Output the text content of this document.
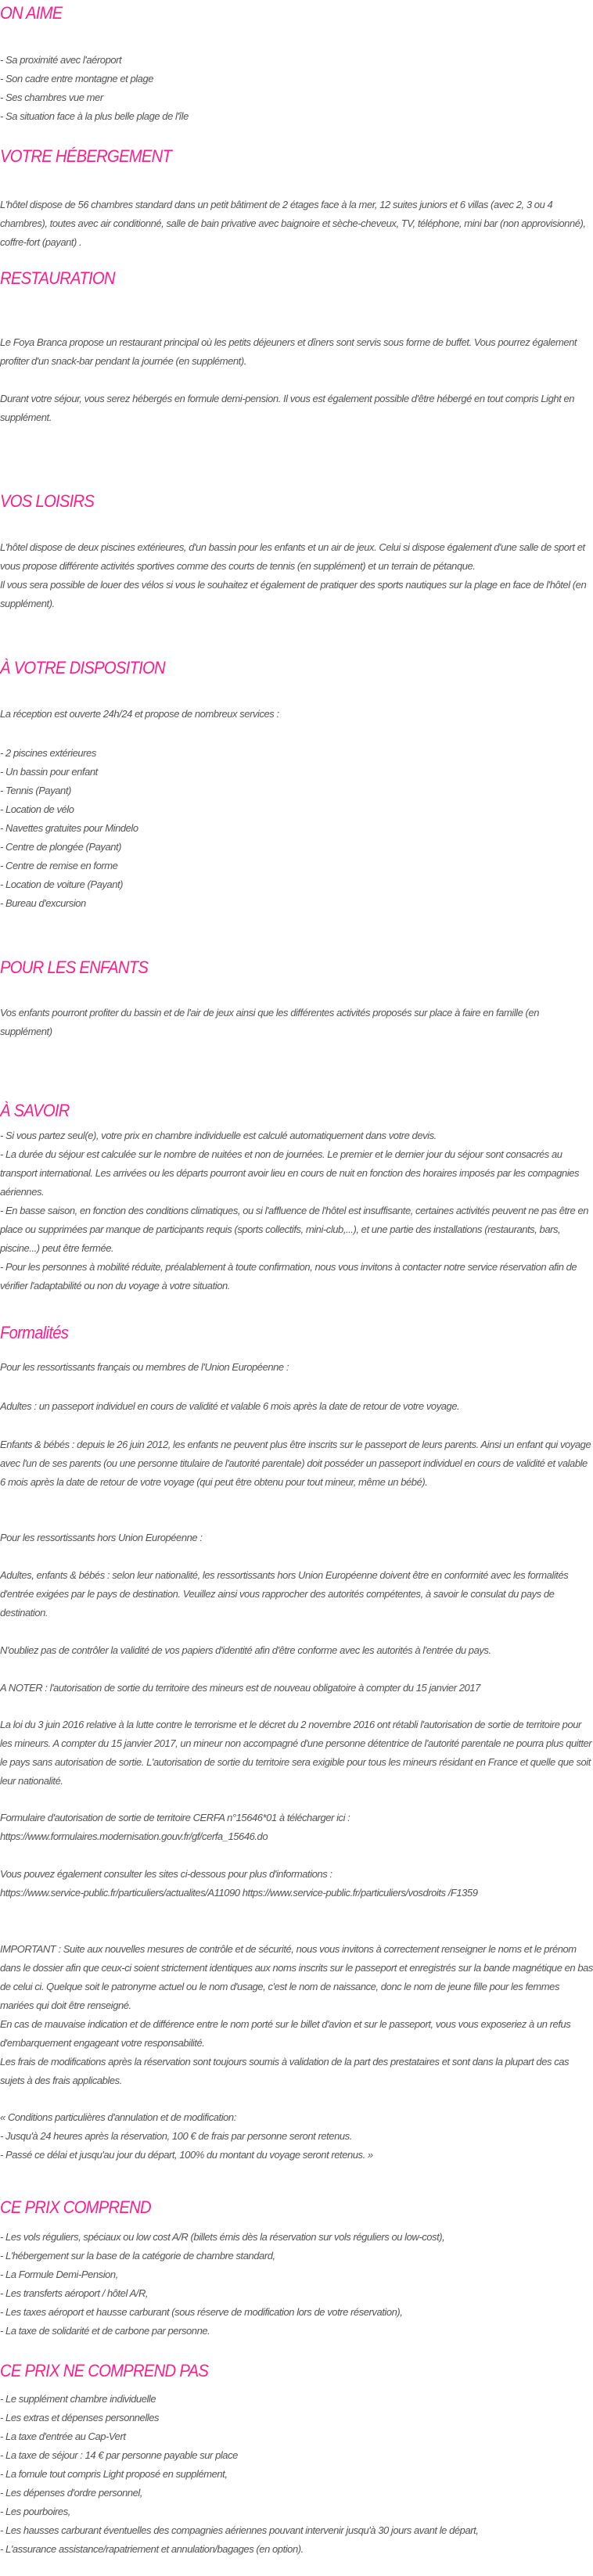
ON AIME
- Sa proximité avec l'aéroport
- Son cadre entre montagne et plage
- Ses chambres vue mer
- Sa situation face à la plus belle plage de l'île
VOTRE HÉBERGEMENT

L'hôtel dispose de 56 chambres standard dans un petit bâtiment de 2 étages face à la mer, 12 suites juniors et 6 villas (avec 2, 3 ou 4 chambres), toutes avec air conditionné, salle de bain privative avec baignoire et sèche-cheveux, TV, téléphone, mini bar (non approvisionné), coffre-fort (payant) .

RESTAURATION

Le Foya Branca propose un restaurant principal où les petits déjeuners et dîners sont servis sous forme de buffet. Vous pourrez également profiter d'un snack-bar pendant la journée (en supplément).

Durant votre séjour, vous serez hébergés en formule demi-pension. Il vous est également possible d'être hébergé en tout compris Light en supplément.

VOS LOISIRS

L'hôtel dispose de deux piscines extérieures, d'un bassin pour les enfants et un air de jeux. Celui si dispose également d'une salle de sport et vous propose différente activités sportives comme des courts de tennis (en supplément) et un terrain de pétanque.

Il vous sera possible de louer des vélos si vous le souhaitez et également de pratiquer des sports nautiques sur la plage en face de l'hôtel (en supplément).

À VOTRE DISPOSITION

La réception est ouverte 24h/24 et propose de nombreux services :

- 2 piscines extérieures
- Un bassin pour enfant
- Tennis (Payant)
- Location de vélo
- Navettes gratuites pour Mindelo
- Centre de plongée (Payant)
- Centre de remise en forme
- Location de voiture (Payant)
- Bureau d'excursion
POUR LES ENFANTS

Vos enfants pourront profiter du bassin et de l'air de jeux ainsi que les différentes activités proposés sur place à faire en famille (en supplément)

À SAVOIR

- Si vous partez seul(e), votre prix en chambre individuelle est calculé automatiquement dans votre devis.

- La durée du séjour est calculée sur le nombre de nuitées et non de journées. Le premier et le dernier jour du séjour sont consacrés au transport international. Les arrivées ou les départs pourront avoir lieu en cours de nuit en fonction des horaires imposés par les compagnies aériennes.

- En basse saison, en fonction des conditions climatiques, ou si l'affluence de l'hôtel est insuffisante, certaines activités peuvent ne pas être en place ou supprimées par manque de participants requis (sports collectifs, mini-club,...), et une partie des installations (restaurants, bars, piscine...) peut être fermée.

- Pour les personnes à mobilité réduite, préalablement à toute confirmation, nous vous invitons à contacter notre service réservation afin de vérifier l'adaptabilité ou non du voyage à votre situation.

Formalités

Pour les ressortissants français ou membres de l'Union Européenne :

Adultes : un passeport individuel en cours de validité et valable 6 mois après la date de retour de votre voyage.

Enfants & bébés : depuis le 26 juin 2012, les enfants ne peuvent plus être inscrits sur le passeport de leurs parents. Ainsi un enfant qui voyage avec l'un de ses parents (ou une personne titulaire de l'autorité parentale) doit posséder un passeport individuel en cours de validité et valable 6 mois après la date de retour de votre voyage (qui peut être obtenu pour tout mineur, même un bébé).

Pour les ressortissants hors Union Européenne :

Adultes, enfants & bébés : selon leur nationalité, les ressortissants hors Union Européenne doivent être en conformité avec les formalités d'entrée exigées par le pays de destination. Veuillez ainsi vous rapprocher des autorités compétentes, à savoir le consulat du pays de destination.

N'oubliez pas de contrôler la validité de vos papiers d'identité afin d'être conforme avec les autorités à l'entrée du pays.

A NOTER : l'autorisation de sortie du territoire des mineurs est de nouveau obligatoire à compter du 15 janvier 2017

La loi du 3 juin 2016 relative à la lutte contre le terrorisme et le décret du 2 novembre 2016 ont rétabli l'autorisation de sortie de territoire pour les mineurs. A compter du 15 janvier 2017, un mineur non accompagné d'une personne détentrice de l'autorité parentale ne pourra plus quitter le pays sans autorisation de sortie. L'autorisation de sortie du territoire sera exigible pour tous les mineurs résidant en France et quelle que soit leur nationalité.

Formulaire d'autorisation de sortie de territoire CERFA n°15646*01 à télécharger ici :

https://www.formulaires.modernisation.gouv.fr/gf/cerfa_15646.do

Vous pouvez également consulter les sites ci-dessous pour plus d'informations :

https://www.service-public.fr/particuliers/actualites/A11090 https://www.service-public.fr/particuliers/vosdroits /F1359

IMPORTANT : Suite aux nouvelles mesures de contrôle et de sécurité, nous vous invitons à correctement renseigner le noms et le prénom dans le dossier afin que ceux-ci soient strictement identiques aux noms inscrits sur le passeport et enregistrés sur la bande magnétique en bas de celui ci. Quelque soit le patronyme actuel ou le nom d'usage, c'est le nom de naissance, donc le nom de jeune fille pour les femmes mariées qui doit être renseigné.

En cas de mauvaise indication et de différence entre le nom porté sur le billet d'avion et sur le passeport, vous vous exposeriez à un refus d'embarquement engageant votre responsabilité.

Les frais de modifications après la réservation sont toujours soumis à validation de la part des prestataires et sont dans la plupart des cas sujets à des frais applicables.

« Conditions particulières d'annulation et de modification:

- Jusqu'à 24 heures après la réservation, 100 € de frais par personne seront retenus.

- Passé ce délai et jusqu'au jour du départ, 100% du montant du voyage seront retenus. »

CE PRIX COMPREND
- Les vols réguliers, spéciaux ou low cost A/R (billets émis dès la réservation sur vols réguliers ou low-cost),
- L'hébergement sur la base de la catégorie de chambre standard,
- La Formule Demi-Pension,
- Les transferts aéroport / hôtel A/R,
- Les taxes aéroport et hausse carburant (sous réserve de modification lors de votre réservation),
- La taxe de solidarité et de carbone par personne.
CE PRIX NE COMPREND PAS
- Le supplément chambre individuelle
- Les extras et dépenses personnelles
- La taxe d'entrée au Cap-Vert
- La taxe de séjour : 14 € par personne payable sur place
- La fomule tout compris Light proposé en supplément,
- Les dépenses d'ordre personnel,
- Les pourboires,
- Les hausses carburant éventuelles des compagnies aériennes pouvant intervenir jusqu'à 30 jours avant le départ,
- L'assurance assistance/rapatriement et annulation/bagages (en option).
